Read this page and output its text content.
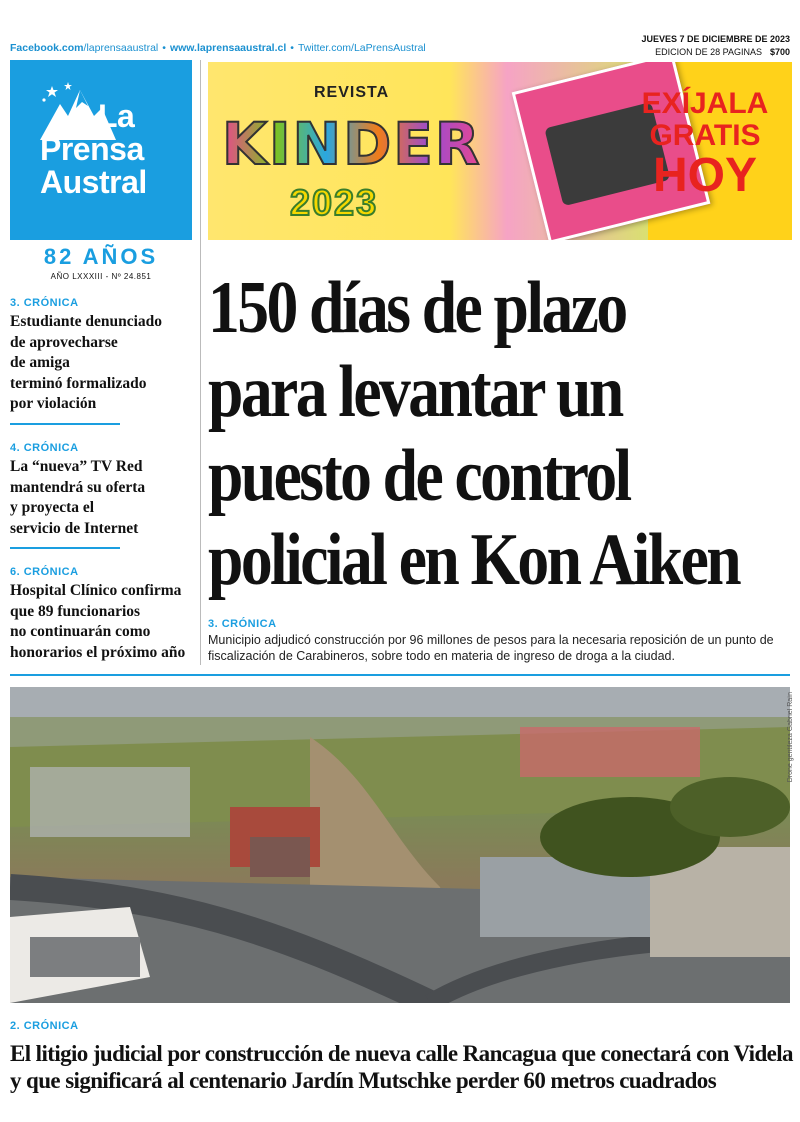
Facebook.com/laprensaaustral • www.laprensaaustral.cl • Twitter.com/LaPrensAustral
JUEVES 7 DE DICIEMBRE DE 2023
EDICION DE 28 PAGINAS $700
La
Prensa
Austral
82 AÑOS
AÑO LXXXIII - Nº 24.851
3. CRÓNICA
Estudiante denunciado
de aprovecharse
de amiga
terminó formalizado
por violación
4. CRÓNICA
La “nueva” TV Red
mantendrá su oferta
y proyecta el
servicio de Internet
6. CRÓNICA
Hospital Clínico confirma
que 89 funcionarios
no continuarán como
honorarios el próximo año
REVISTA
KINDER
2023
EXÍJALA
GRATIS
HOY
150 días de plazo
para levantar un
puesto de control
policial en Kon Aiken
3. CRÓNICA
Municipio adjudicó construcción por 96 millones de pesos para la necesaria reposición de un punto de fiscalización de Carabineros, sobre todo en materia de ingreso de droga a la ciudad.
Drone gentileza Gabriel Raín
2. CRÓNICA
El litigio judicial por construcción de nueva calle Rancagua que conectará con Videla
y que significará al centenario Jardín Mutschke perder 60 metros cuadrados
